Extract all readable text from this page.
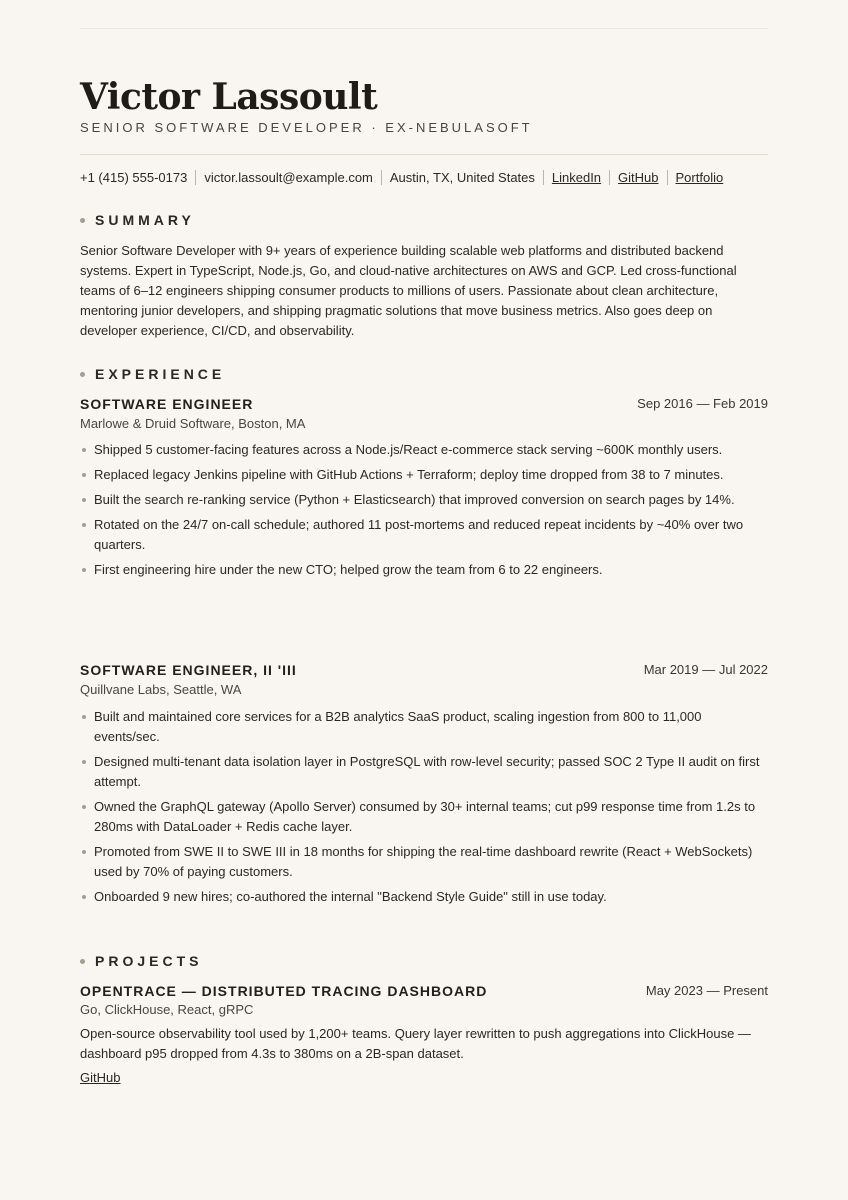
Victor Lassoult
SENIOR SOFTWARE DEVELOPER · EX-NEBULASOFT
+1 (415) 555-0173 victor.lassoult@example.com Austin, TX, United States LinkedIn GitHub Portfolio
SUMMARY
Senior Software Developer with 9+ years of experience building scalable web platforms and distributed backend systems. Expert in TypeScript, Node.js, Go, and cloud-native architectures on AWS and GCP. Led cross-functional teams of 6–12 engineers shipping consumer products to millions of users. Passionate about clean architecture, mentoring junior developers, and shipping pragmatic solutions that move business metrics. Also goes deep on developer experience, CI/CD, and observability.
EXPERIENCE
SOFTWARE ENGINEER	Sep 2016 — Feb 2019
Marlowe & Druid Software, Boston, MA
Shipped 5 customer-facing features across a Node.js/React e-commerce stack serving ~600K monthly users.
Replaced legacy Jenkins pipeline with GitHub Actions + Terraform; deploy time dropped from 38 to 7 minutes.
Built the search re-ranking service (Python + Elasticsearch) that improved conversion on search pages by 14%.
Rotated on the 24/7 on-call schedule; authored 11 post-mortems and reduced repeat incidents by ~40% over two quarters.
First engineering hire under the new CTO; helped grow the team from 6 to 22 engineers.
SOFTWARE ENGINEER, II 'III	Mar 2019 — Jul 2022
Quillvane Labs, Seattle, WA
Built and maintained core services for a B2B analytics SaaS product, scaling ingestion from 800 to 11,000 events/sec.
Designed multi-tenant data isolation layer in PostgreSQL with row-level security; passed SOC 2 Type II audit on first attempt.
Owned the GraphQL gateway (Apollo Server) consumed by 30+ internal teams; cut p99 response time from 1.2s to 280ms with DataLoader + Redis cache layer.
Promoted from SWE II to SWE III in 18 months for shipping the real-time dashboard rewrite (React + WebSockets) used by 70% of paying customers.
Onboarded 9 new hires; co-authored the internal "Backend Style Guide" still in use today.
PROJECTS
OPENTRACE — DISTRIBUTED TRACING DASHBOARD	May 2023 — Present
Go, ClickHouse, React, gRPC
Open-source observability tool used by 1,200+ teams. Query layer rewritten to push aggregations into ClickHouse — dashboard p95 dropped from 4.3s to 380ms on a 2B-span dataset.
GitHub
